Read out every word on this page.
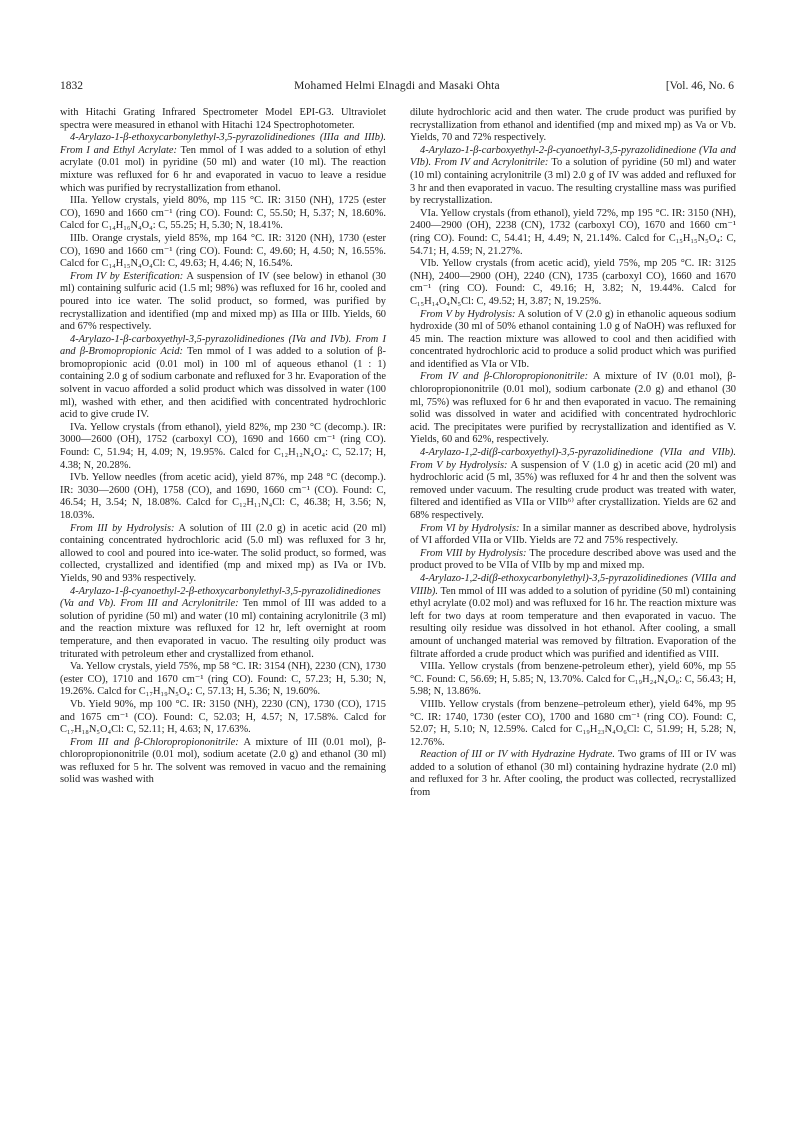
1832	Mohamed Helmi Elnagdi and Masaki Ohta	[Vol. 46, No. 6

with Hitachi Grating Infrared Spectrometer Model EPI-G3. Ultraviolet spectra were measured in ethanol with Hitachi 124 Spectrophotometer.

4-Arylazo-1-β-ethoxycarbonylethyl-3,5-pyrazolidinediones (IIIa and IIIb). From I and Ethyl Acrylate: Ten mmol of I was added to a solution of ethyl acrylate (0.01 mol) in pyridine (50 ml) and water (10 ml). The reaction mixture was refluxed for 6 hr and evaporated in vacuo to leave a residue which was purified by recrystallization from ethanol.

IIIa. Yellow crystals, yield 80%, mp 115 °C. IR: 3150 (NH), 1725 (ester CO), 1690 and 1660 cm⁻¹ (ring CO). Found: C, 55.50; H, 5.37; N, 18.60%. Calcd for C₁₄H₁₆N₄O₄: C, 55.25; H, 5.30; N, 18.41%.

IIIb. Orange crystals, yield 85%, mp 164 °C. IR: 3120 (NH), 1730 (ester CO), 1690 and 1660 cm⁻¹ (ring CO). Found: C, 49.60; H, 4.50; N, 16.55%. Calcd for C₁₄H₁₅N₄O₄Cl: C, 49.63; H, 4.46; N, 16.54%.

From IV by Esterification: A suspension of IV (see below) in ethanol (30 ml) containing sulfuric acid (1.5 ml; 98%) was refluxed for 16 hr, cooled and poured into ice water. The solid product, so formed, was purified by recrystallization and identified (mp and mixed mp) as IIIa or IIIb. Yields, 60 and 67% respectively.

4-Arylazo-1-β-carboxyethyl-3,5-pyrazolidinediones (IVa and IVb). From I and β-Bromopropionic Acid: Ten mmol of I was added to a solution of β-bromopropionic acid (0.01 mol) in 100 ml of aqueous ethanol (1 : 1) containing 2.0 g of sodium carbonate and refluxed for 3 hr. Evaporation of the solvent in vacuo afforded a solid product which was dissolved in water (100 ml), washed with ether, and then acidified with concentrated hydrochloric acid to give crude IV.

IVa. Yellow crystals (from ethanol), yield 82%, mp 230 °C (decomp.). IR: 3000—2600 (OH), 1752 (carboxyl CO), 1690 and 1660 cm⁻¹ (ring CO). Found: C, 51.94; H, 4.09; N, 19.95%. Calcd for C₁₂H₁₂N₄O₄: C, 52.17; H, 4.38; N, 20.28%.

IVb. Yellow needles (from acetic acid), yield 87%, mp 248 °C (decomp.). IR: 3030—2600 (OH), 1758 (CO), and 1690, 1660 cm⁻¹ (CO). Found: C, 46.54; H, 3.54; N, 18.08%. Calcd for C₁₂H₁₁N₄Cl: C, 46.38; H, 3.56; N, 18.03%.

From III by Hydrolysis: A solution of III (2.0 g) in acetic acid (20 ml) containing concentrated hydrochloric acid (5.0 ml) was refluxed for 3 hr, allowed to cool and poured into ice-water. The solid product, so formed, was collected, crystallized and identified (mp and mixed mp) as IVa or IVb. Yields, 90 and 93% respectively.

4-Arylazo-1-β-cyanoethyl-2-β-ethoxycarbonylethyl-3,5-pyrazolidinediones (Va and Vb). From III and Acrylonitrile: Ten mmol of III was added to a solution of pyridine (50 ml) and water (10 ml) containing acrylonitrile (3 ml) and the reaction mixture was refluxed for 12 hr, left overnight at room temperature, and then evaporated in vacuo. The resulting oily product was triturated with petroleum ether and crystallized from ethanol.

Va. Yellow crystals, yield 75%, mp 58 °C. IR: 3154 (NH), 2230 (CN), 1730 (ester CO), 1710 and 1670 cm⁻¹ (ring CO). Found: C, 57.23; H, 5.30; N, 19.26%. Calcd for C₁₇H₁₉N₅O₄: C, 57.13; H, 5.36; N, 19.60%.

Vb. Yield 90%, mp 100 °C. IR: 3150 (NH), 2230 (CN), 1730 (CO), 1715 and 1675 cm⁻¹ (CO). Found: C, 52.03; H, 4.57; N, 17.58%. Calcd for C₁₇H₁₈N₅O₄Cl: C, 52.11; H, 4.63; N, 17.63%.

From III and β-Chloropropiononitrile: A mixture of III (0.01 mol), β-chloropropiononitrile (0.01 mol), sodium acetate (2.0 g) and ethanol (30 ml) was refluxed for 5 hr. The solvent was removed in vacuo and the remaining solid was washed with

dilute hydrochloric acid and then water. The crude product was purified by recrystallization from ethanol and identified (mp and mixed mp) as Va or Vb. Yields, 70 and 72% respectively.

4-Arylazo-1-β-carboxyethyl-2-β-cyanoethyl-3,5-pyrazolidinedione (VIa and VIb). From IV and Acrylonitrile: To a solution of pyridine (50 ml) and water (10 ml) containing acrylonitrile (3 ml) 2.0 g of IV was added and refluxed for 3 hr and then evaporated in vacuo. The resulting crystalline mass was purified by recrystallization.

VIa. Yellow crystals (from ethanol), yield 72%, mp 195 °C. IR: 3150 (NH), 2400—2900 (OH), 2238 (CN), 1732 (carboxyl CO), 1670 and 1660 cm⁻¹ (ring CO). Found: C, 54.41; H, 4.49; N, 21.14%. Calcd for C₁₅H₁₅N₅O₄: C, 54.71; H, 4.59; N, 21.27%.

VIb. Yellow crystals (from acetic acid), yield 75%, mp 205 °C. IR: 3125 (NH), 2400—2900 (OH), 2240 (CN), 1735 (carboxyl CO), 1660 and 1670 cm⁻¹ (ring CO). Found: C, 49.16; H, 3.82; N, 19.44%. Calcd for C₁₅H₁₄O₄N₅Cl: C, 49.52; H, 3.87; N, 19.25%.

From V by Hydrolysis: A solution of V (2.0 g) in ethanolic aqueous sodium hydroxide (30 ml of 50% ethanol containing 1.0 g of NaOH) was refluxed for 45 min. The reaction mixture was allowed to cool and then acidified with concentrated hydrochloric acid to produce a solid product which was purified and identified as VIa or VIb.

From IV and β-Chloropropiononitrile: A mixture of IV (0.01 mol), β-chloropropiononitrile (0.01 mol), sodium carbonate (2.0 g) and ethanol (30 ml, 75%) was refluxed for 6 hr and then evaporated in vacuo. The remaining solid was dissolved in water and acidified with concentrated hydrochloric acid. The precipitates were purified by recrystallization and identified as V. Yields, 60 and 62%, respectively.

4-Arylazo-1,2-di(β-carboxyethyl)-3,5-pyrazolidinedione (VIIa and VIIb). From V by Hydrolysis: A suspension of V (1.0 g) in acetic acid (20 ml) and hydrochloric acid (5 ml, 35%) was refluxed for 4 hr and then the solvent was removed under vacuum. The resulting crude product was treated with water, filtered and identified as VIIa or VIIb⁶⁾ after crystallization. Yields are 62 and 68% respectively.

From VI by Hydrolysis: In a similar manner as described above, hydrolysis of VI afforded VIIa or VIIb. Yields are 72 and 75% respectively.

From VIII by Hydrolysis: The procedure described above was used and the product proved to be VIIa of VIIb by mp and mixed mp.

4-Arylazo-1,2-di(β-ethoxycarbonylethyl)-3,5-pyrazolidinediones (VIIIa and VIIIb). Ten mmol of III was added to a solution of pyridine (50 ml) containing ethyl acrylate (0.02 mol) and was refluxed for 16 hr. The reaction mixture was left for two days at room temperature and then evaporated in vacuo. The resulting oily residue was dissolved in hot ethanol. After cooling, a small amount of unchanged material was removed by filtration. Evaporation of the filtrate afforded a crude product which was purified and identified as VIII.

VIIIa. Yellow crystals (from benzene-petroleum ether), yield 60%, mp 55 °C. Found: C, 56.69; H, 5.85; N, 13.70%. Calcd for C₁₉H₂₄N₄O₆: C, 56.43; H, 5.98; N, 13.86%.

VIIIb. Yellow crystals (from benzene–petroleum ether), yield 64%, mp 95 °C. IR: 1740, 1730 (ester CO), 1700 and 1680 cm⁻¹ (ring CO). Found: C, 52.07; H, 5.10; N, 12.59%. Calcd for C₁₉H₂₃N₄O₆Cl: C, 51.99; H, 5.28; N, 12.76%.

Reaction of III or IV with Hydrazine Hydrate. Two grams of III or IV was added to a solution of ethanol (30 ml) containing hydrazine hydrate (2.0 ml) and refluxed for 3 hr. After cooling, the product was collected, recrystallized from
